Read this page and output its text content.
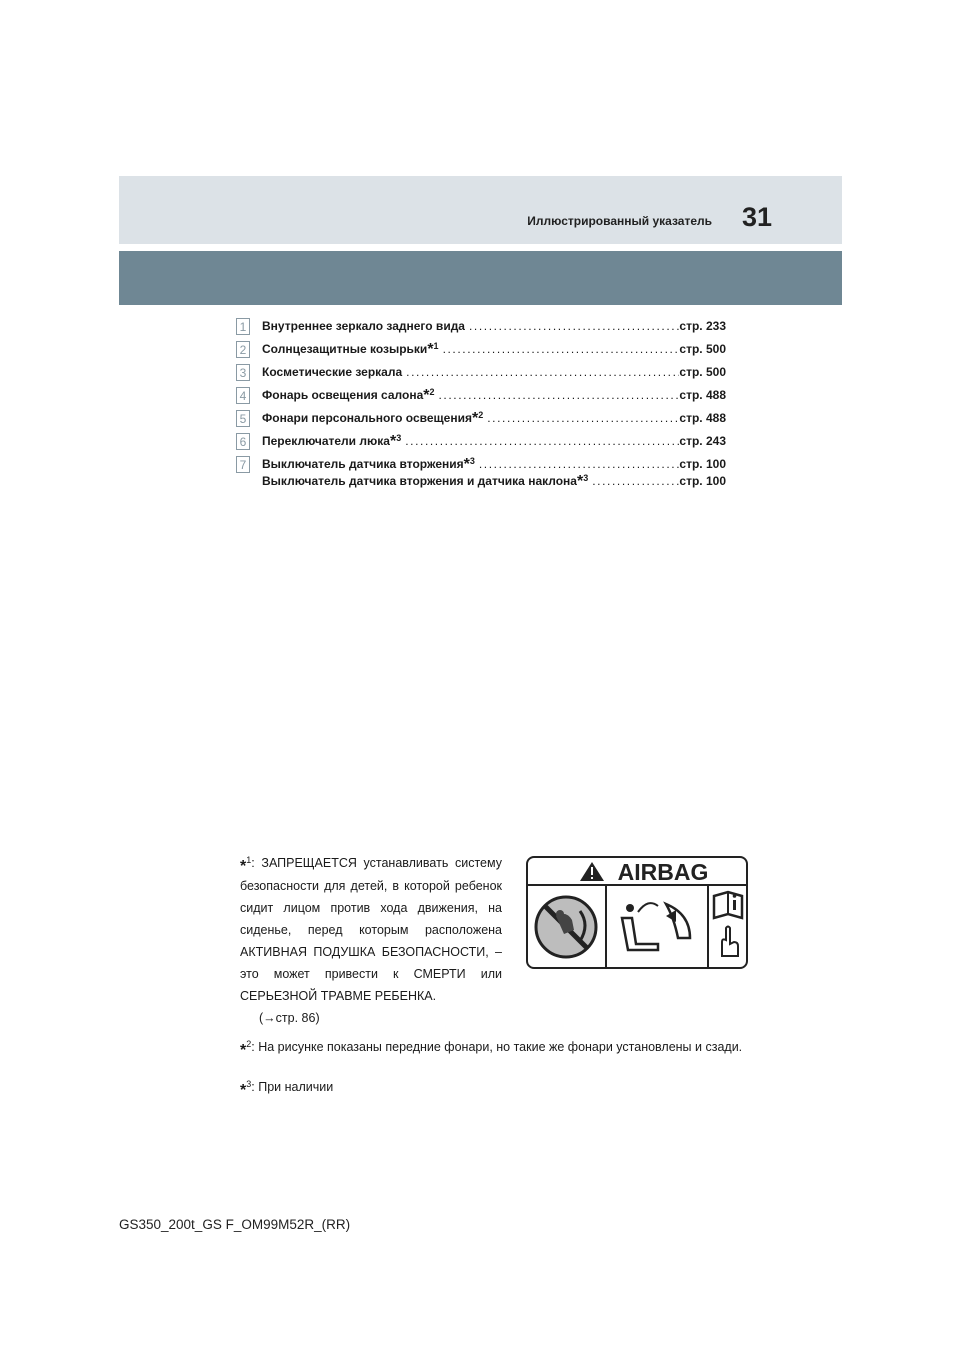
Иллюстрированный указатель 31
1	Внутреннее зеркало заднего вида .....	стр. 233
2	Солнцезащитные козырьки *$^1$ .....	стр. 500
3	Косметические зеркала .....	стр. 500
4	Фонарь освещения салона *$^2$ .....	стр. 488
5	Фонари персонального освещения *$^2$ .....	стр. 488
6	Переключатели люка *$^3$ .....	стр. 243
7	Выключатель датчика вторжения *$^3$ .....	стр. 100
Выключатель датчика вторжения и датчика наклона *$^3$ .....	стр. 100
*$^1$: ЗАПРЕЩАЕТСЯ устанавливать систему безопасности для детей, в которой ребенок сидит лицом против хода движения, на сиденье, перед которым расположена АКТИВНАЯ ПОДУШКА БЕЗОПАСНОСТИ, – это может привести к СМЕРТИ или СЕРЬЕЗНОЙ ТРАВМЕ РЕБЕНКА.
(→стр. 86)
*$^2$: На рисунке показаны передние фонари, но такие же фонари установлены и сзади.
*$^3$: При наличии
AIRBAG
GS350_200t_GS F_OM99M52R_(RR)
